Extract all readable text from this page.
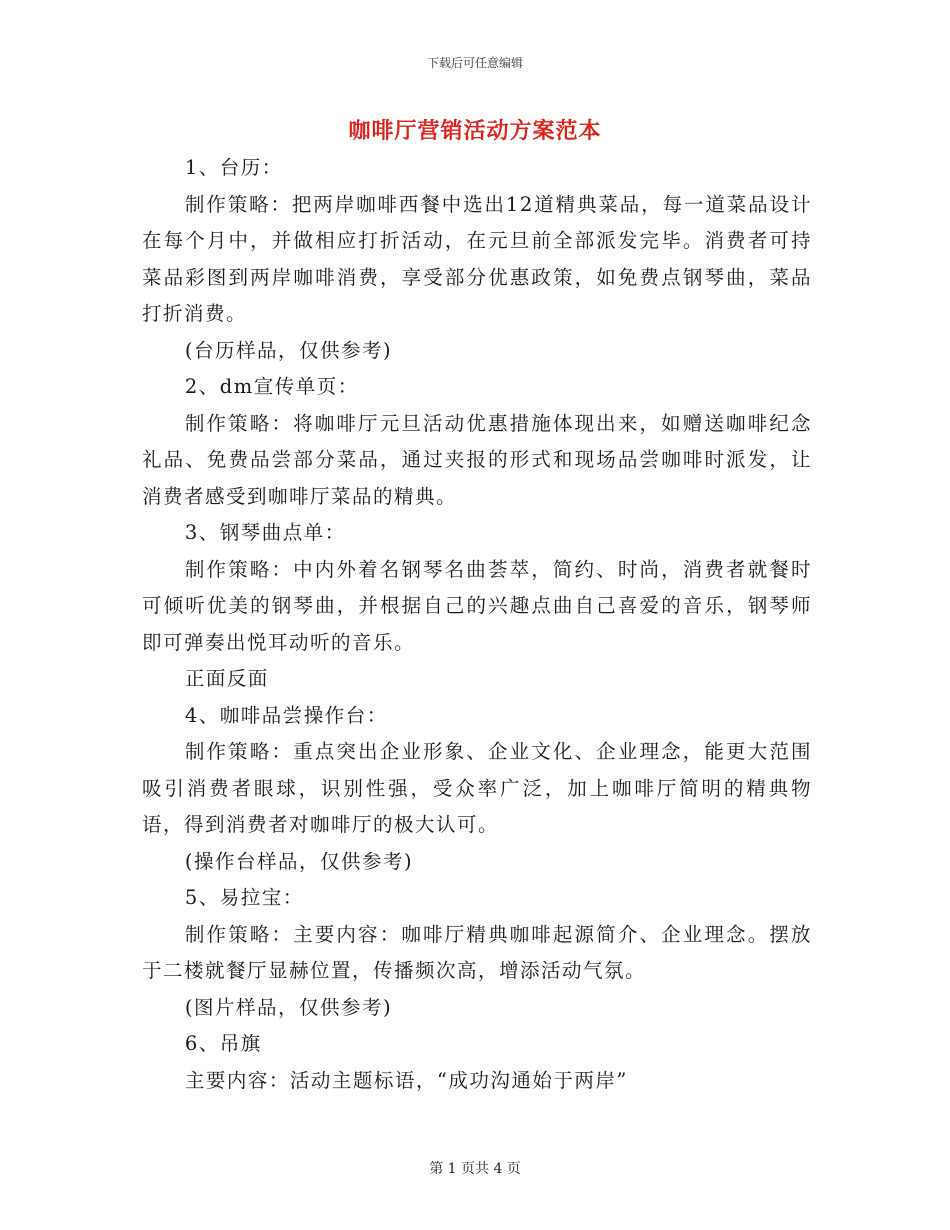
下载后可任意编辑
咖啡厅营销活动方案范本

1、台历：

制作策略：把两岸咖啡西餐中选出12道精典菜品，每一道菜品设计在每个月中，并做相应打折活动，在元旦前全部派发完毕。消费者可持菜品彩图到两岸咖啡消费，享受部分优惠政策，如免费点钢琴曲，菜品打折消费。

(台历样品，仅供参考)

2、dm宣传单页：

制作策略：将咖啡厅元旦活动优惠措施体现出来，如赠送咖啡纪念礼品、免费品尝部分菜品，通过夹报的形式和现场品尝咖啡时派发，让消费者感受到咖啡厅菜品的精典。

3、钢琴曲点单：

制作策略：中内外着名钢琴名曲荟萃，简约、时尚，消费者就餐时可倾听优美的钢琴曲，并根据自己的兴趣点曲自己喜爱的音乐，钢琴师即可弹奏出悦耳动听的音乐。

正面反面

4、咖啡品尝操作台：

制作策略：重点突出企业形象、企业文化、企业理念，能更大范围吸引消费者眼球，识别性强，受众率广泛，加上咖啡厅简明的精典物语，得到消费者对咖啡厅的极大认可。

(操作台样品，仅供参考)

5、易拉宝：

制作策略：主要内容：咖啡厅精典咖啡起源简介、企业理念。摆放于二楼就餐厅显赫位置，传播频次高，增添活动气氛。

(图片样品，仅供参考)

6、吊旗

主要内容：活动主题标语，“成功沟通始于两岸”

第 1 页共 4 页
